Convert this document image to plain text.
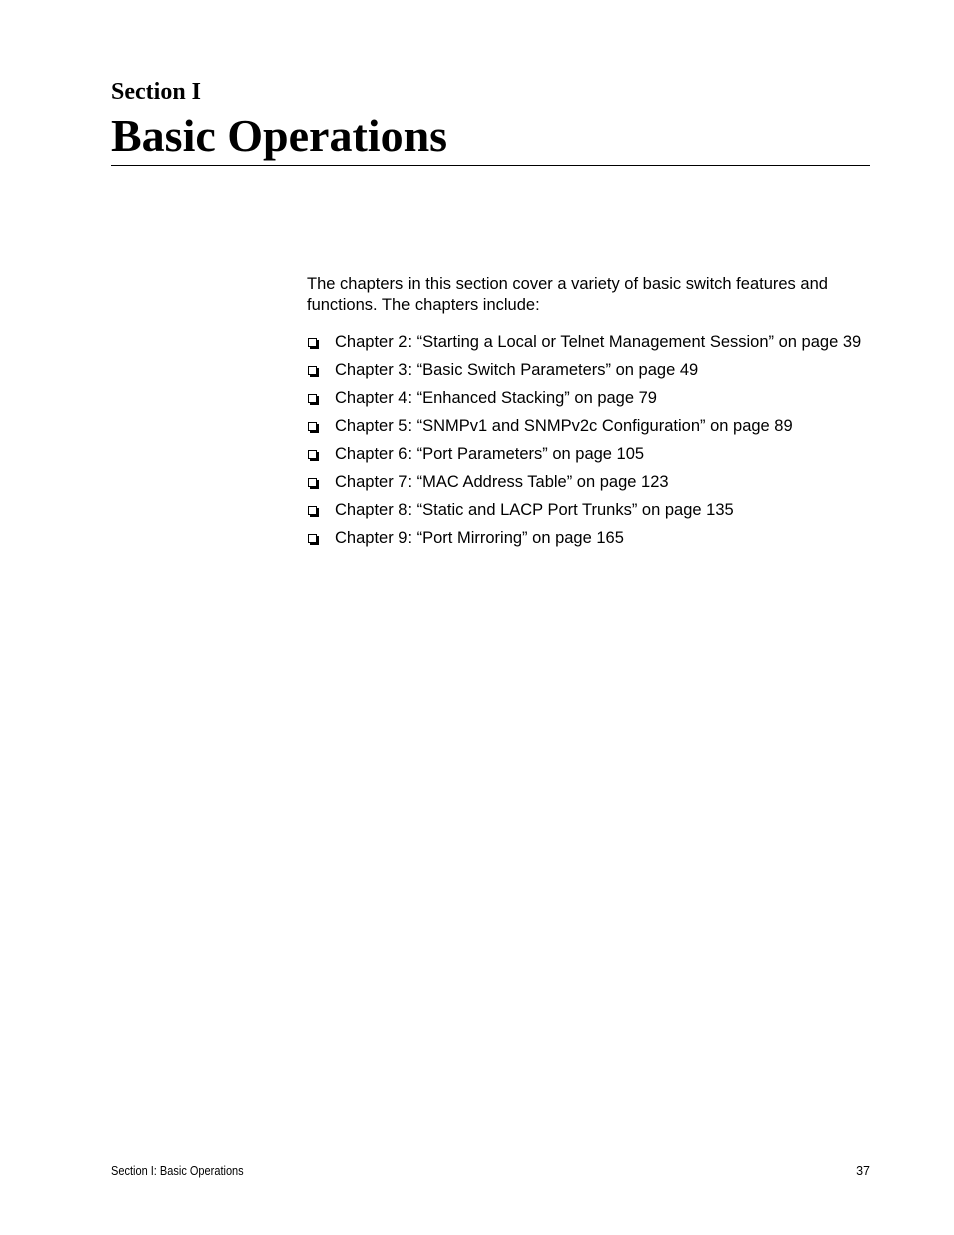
Section I
Basic Operations

The chapters in this section cover a variety of basic switch features and functions. The chapters include:

Chapter 2: “Starting a Local or Telnet Management Session” on page 39
Chapter 3: “Basic Switch Parameters” on page 49
Chapter 4: “Enhanced Stacking” on page 79
Chapter 5: “SNMPv1 and SNMPv2c Configuration” on page 89
Chapter 6: “Port Parameters” on page 105
Chapter 7: “MAC Address Table” on page 123
Chapter 8: “Static and LACP Port Trunks” on page 135
Chapter 9: “Port Mirroring” on page 165
Section I: Basic Operations	37
